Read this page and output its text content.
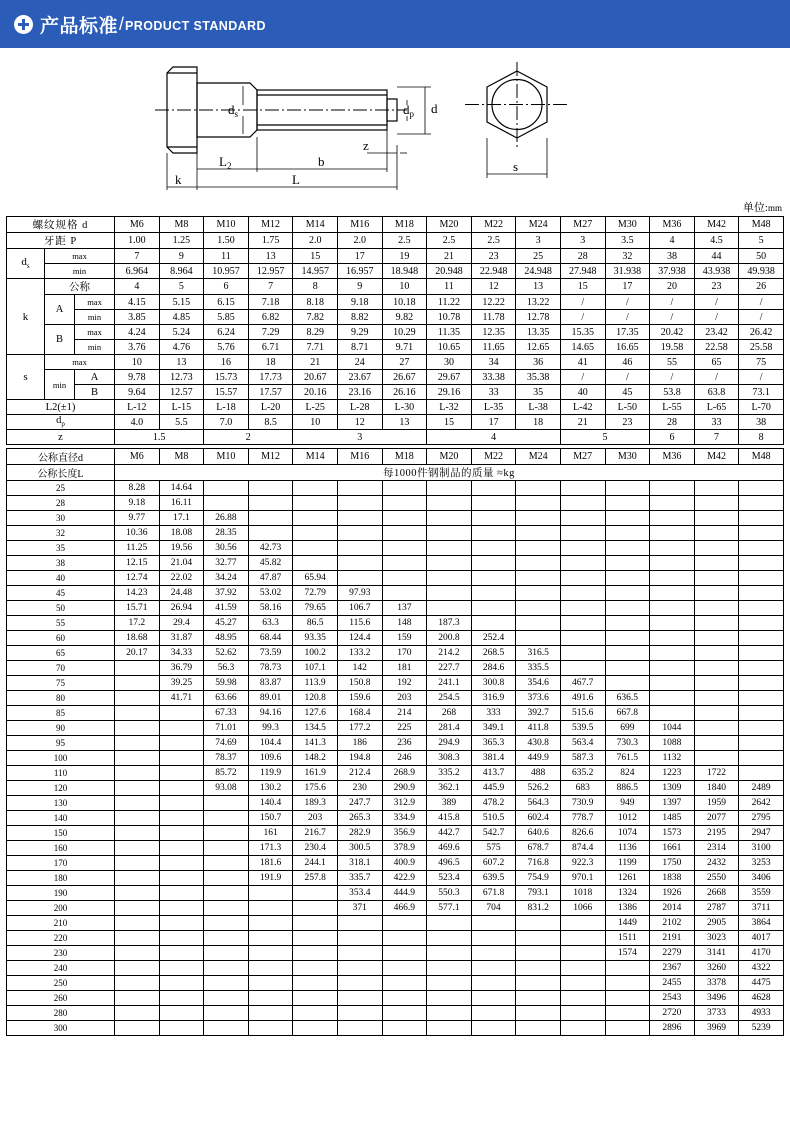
产品标准 / PRODUCT STANDARD
$d_s$	$d_p$ d
$L_2$	b
z
k	L
s
单位:mm
螺纹规格 d			M6	M8	M10	M12	M14	M16	M18	M20	M22	M24	M27	M30	M36	M42	M48
牙距 P			1.00	1.25	1.50	1.75	2.0	2.0	2.5	2.5	2.5	3	3	3.5	4	4.5	5
$d_s$	max		7	9	11	13	15	17	19	21	23	25	28	32	38	44	50
	min		6.964	8.964	10.957	12.957	14.957	16.957	18.948	20.948	22.948	24.948	27.948	31.938	37.938	43.938	49.938
k	公称		4	5	6	7	8	9	10	11	12	13	15	17	20	23	26
	A	max	4.15	5.15	6.15	7.18	8.18	9.18	10.18	11.22	12.22	13.22	/	/	/	/	/
		min	3.85	4.85	5.85	6.82	7.82	8.82	9.82	10.78	11.78	12.78	/	/	/	/	/
	B	max	4.24	5.24	6.24	7.29	8.29	9.29	10.29	11.35	12.35	13.35	15.35	17.35	20.42	23.42	26.42
		min	3.76	4.76	5.76	6.71	7.71	8.71	9.71	10.65	11.65	12.65	14.65	16.65	19.58	22.58	25.58
s	max		10	13	16	18	21	24	27	30	34	36	41	46	55	65	75
	min	A	9.78	12.73	15.73	17.73	20.67	23.67	26.67	29.67	33.38	35.38	/	/	/	/	/
		B	9.64	12.57	15.57	17.57	20.16	23.16	26.16	29.16	33	35	40	45	53.8	63.8	73.1
L2(±1)			L-12	L-15	L-18	L-20	L-25	L-28	L-30	L-32	L-35	L-38	L-42	L-50	L-55	L-65	L-70
$d_p$			4.0	5.5	7.0	8.5	10	12	13	15	17	18	21	23	28	33	38
z			1.5		2		3			4			5		6	7	8
公称直径d	M6	M8	M10	M12	M14	M16	M18	M20	M22	M24	M27	M30	M36	M42	M48
公称长度L	每1000件钢制品的质量 ≈kg														
25	8.28	14.64													
28	9.18	16.11													
30	9.77	17.1	26.88												
32	10.36	18.08	28.35												
35	11.25	19.56	30.56	42.73											
38	12.15	21.04	32.77	45.82											
40	12.74	22.02	34.24	47.87	65.94										
45	14.23	24.48	37.92	53.02	72.79	97.93									
50	15.71	26.94	41.59	58.16	79.65	106.7	137								
55	17.2	29.4	45.27	63.3	86.5	115.6	148	187.3							
60	18.68	31.87	48.95	68.44	93.35	124.4	159	200.8	252.4						
65	20.17	34.33	52.62	73.59	100.2	133.2	170	214.2	268.5	316.5					
70		36.79	56.3	78.73	107.1	142	181	227.7	284.6	335.5					
75		39.25	59.98	83.87	113.9	150.8	192	241.1	300.8	354.6	467.7				
80		41.71	63.66	89.01	120.8	159.6	203	254.5	316.9	373.6	491.6	636.5			
85			67.33	94.16	127.6	168.4	214	268	333	392.7	515.6	667.8			
90			71.01	99.3	134.5	177.2	225	281.4	349.1	411.8	539.5	699	1044		
95			74.69	104.4	141.3	186	236	294.9	365.3	430.8	563.4	730.3	1088		
100			78.37	109.6	148.2	194.8	246	308.3	381.4	449.9	587.3	761.5	1132		
110			85.72	119.9	161.9	212.4	268.9	335.2	413.7	488	635.2	824	1223	1722	
120			93.08	130.2	175.6	230	290.9	362.1	445.9	526.2	683	886.5	1309	1840	2489
130				140.4	189.3	247.7	312.9	389	478.2	564.3	730.9	949	1397	1959	2642
140				150.7	203	265.3	334.9	415.8	510.5	602.4	778.7	1012	1485	2077	2795
150				161	216.7	282.9	356.9	442.7	542.7	640.6	826.6	1074	1573	2195	2947
160				171.3	230.4	300.5	378.9	469.6	575	678.7	874.4	1136	1661	2314	3100
170				181.6	244.1	318.1	400.9	496.5	607.2	716.8	922.3	1199	1750	2432	3253
180				191.9	257.8	335.7	422.9	523.4	639.5	754.9	970.1	1261	1838	2550	3406
190						353.4	444.9	550.3	671.8	793.1	1018	1324	1926	2668	3559
200						371	466.9	577.1	704	831.2	1066	1386	2014	2787	3711
210												1449	2102	2905	3864
220												1511	2191	3023	4017
230												1574	2279	3141	4170
240													2367	3260	4322
250													2455	3378	4475
260													2543	3496	4628
280													2720	3733	4933
300													2896	3969	5239
